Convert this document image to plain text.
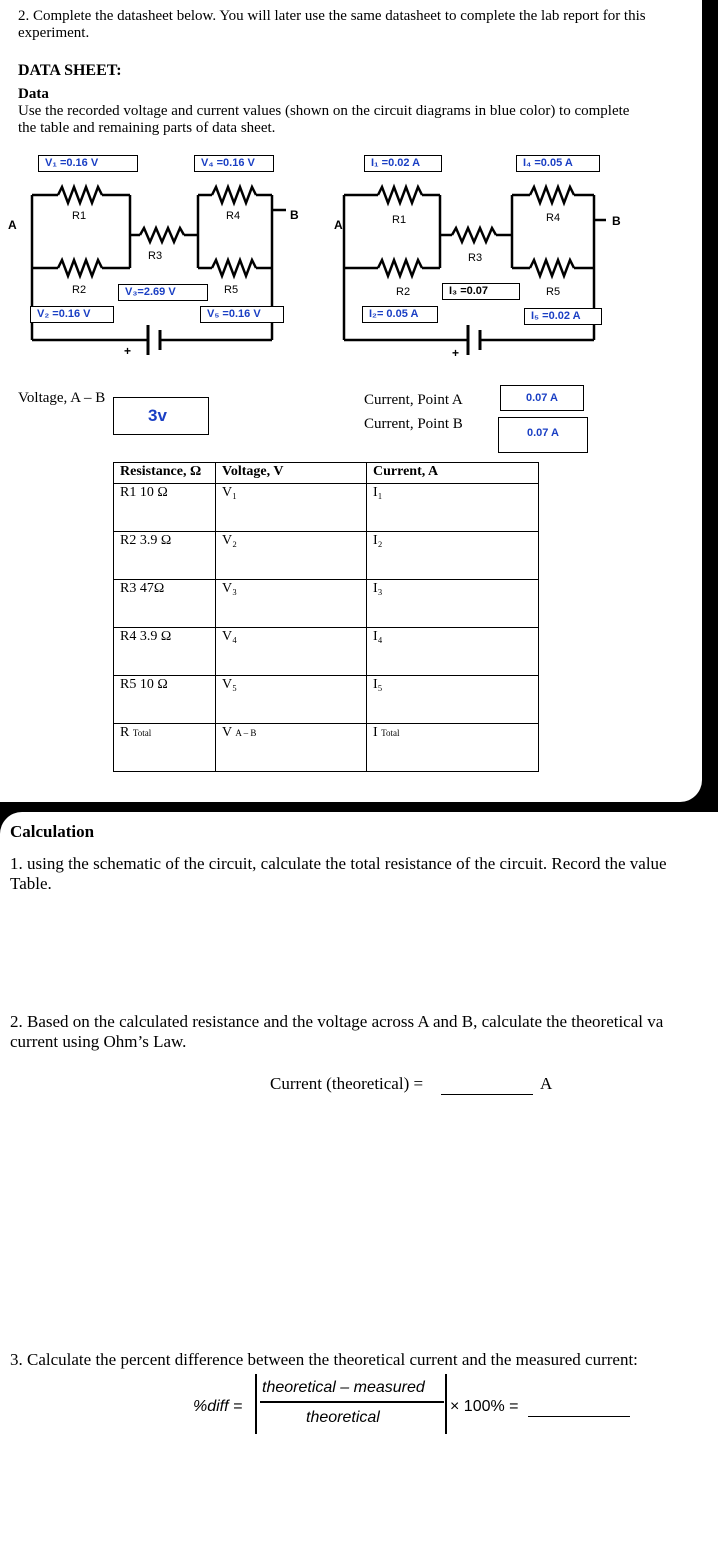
2. Complete the datasheet below. You will later use the same datasheet to complete the lab report for this experiment.
DATA SHEET:
Data
Use the recorded voltage and current values (shown on the circuit diagrams in blue color) to complete the table and remaining parts of data sheet.
A
B
R1
R2
R3
R4
R5
+
V₁ =0.16 V	V₄ =0.16 V
V₃=2.69 V
V₂ =0.16 V	V₅ =0.16 V
A	B
R1
R2
R3
R4
R5
+
I₁ =0.02 A	I₄ =0.05 A
I₃ =0.07
I₂= 0.05 A	I₅ =0.02 A
Voltage, A – B
3v
Current, Point A
Current, Point B
0.07 A
0.07 A
Resistance, Ω	Voltage, V	Current, A
R1 10 Ω	V₁	I₁
R2 3.9 Ω	V₂	I₂
R3 47Ω	V₃	I₃
R4 3.9 Ω	V₄	I₄
R5 10 Ω	V₅	I₅
R Total	V A – B	I Total
Calculation
1. using the schematic of the circuit, calculate the total resistance of the circuit. Record the value
Table.
2. Based on the calculated resistance and the voltage across A and B, calculate the theoretical va
current using Ohm’s Law.
Current (theoretical) =	A
3. Calculate the percent difference between the theoretical current and the measured current:
%diff =
theoretical – measured
theoretical
× 100% =
